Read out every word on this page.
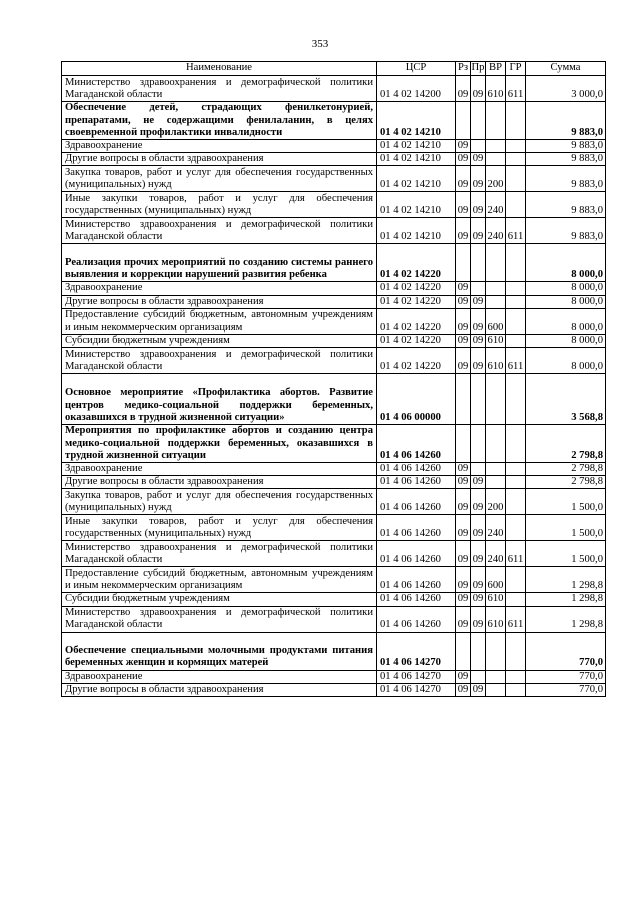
353
Наименование	ЦСР	Рз	Пр	ВР	ГР	Сумма
Министерство здравоохранения и демографической политики Магаданской области	01 4 02 14200	09	09	610	611	3 000,0
Обеспечение детей, страдающих фенилкетонурией, препаратами, не содержащими фенилаланин, в целях своевременной профилактики инвалидности	01 4 02 14210					9 883,0
Здравоохранение	01 4 02 14210	09				9 883,0
Другие вопросы в области здравоохранения	01 4 02 14210	09	09			9 883,0
Закупка товаров, работ и услуг для обеспечения государственных (муниципальных) нужд	01 4 02 14210	09	09	200		9 883,0
Иные закупки товаров, работ и услуг для обеспечения государственных (муниципальных) нужд	01 4 02 14210	09	09	240		9 883,0
Министерство здравоохранения и демографической политики Магаданской области	01 4 02 14210	09	09	240	611	9 883,0
Реализация прочих мероприятий по созданию системы раннего выявления и коррекции нарушений развития ребенка	01 4 02 14220					8 000,0
Здравоохранение	01 4 02 14220	09				8 000,0
Другие вопросы в области здравоохранения	01 4 02 14220	09	09			8 000,0
Предоставление субсидий бюджетным, автономным учреждениям и иным некоммерческим организациям	01 4 02 14220	09	09	600		8 000,0
Субсидии бюджетным учреждениям	01 4 02 14220	09	09	610		8 000,0
Министерство здравоохранения и демографической политики Магаданской области	01 4 02 14220	09	09	610	611	8 000,0
Основное мероприятие «Профилактика абортов. Развитие центров медико-социальной поддержки беременных, оказавшихся в трудной жизненной ситуации»	01 4 06 00000					3 568,8
Мероприятия по профилактике абортов и созданию центра медико-социальной поддержки беременных, оказавшихся в трудной жизненной ситуации	01 4 06 14260					2 798,8
Здравоохранение	01 4 06 14260	09				2 798,8
Другие вопросы в области здравоохранения	01 4 06 14260	09	09			2 798,8
Закупка товаров, работ и услуг для обеспечения государственных (муниципальных) нужд	01 4 06 14260	09	09	200		1 500,0
Иные закупки товаров, работ и услуг для обеспечения государственных (муниципальных) нужд	01 4 06 14260	09	09	240		1 500,0
Министерство здравоохранения и демографической политики Магаданской области	01 4 06 14260	09	09	240	611	1 500,0
Предоставление субсидий бюджетным, автономным учреждениям и иным некоммерческим организациям	01 4 06 14260	09	09	600		1 298,8
Субсидии бюджетным учреждениям	01 4 06 14260	09	09	610		1 298,8
Министерство здравоохранения и демографической политики Магаданской области	01 4 06 14260	09	09	610	611	1 298,8
Обеспечение специальными молочными продуктами питания беременных женщин и кормящих матерей	01 4 06 14270					770,0
Здравоохранение	01 4 06 14270	09				770,0
Другие вопросы в области здравоохранения	01 4 06 14270	09	09			770,0
